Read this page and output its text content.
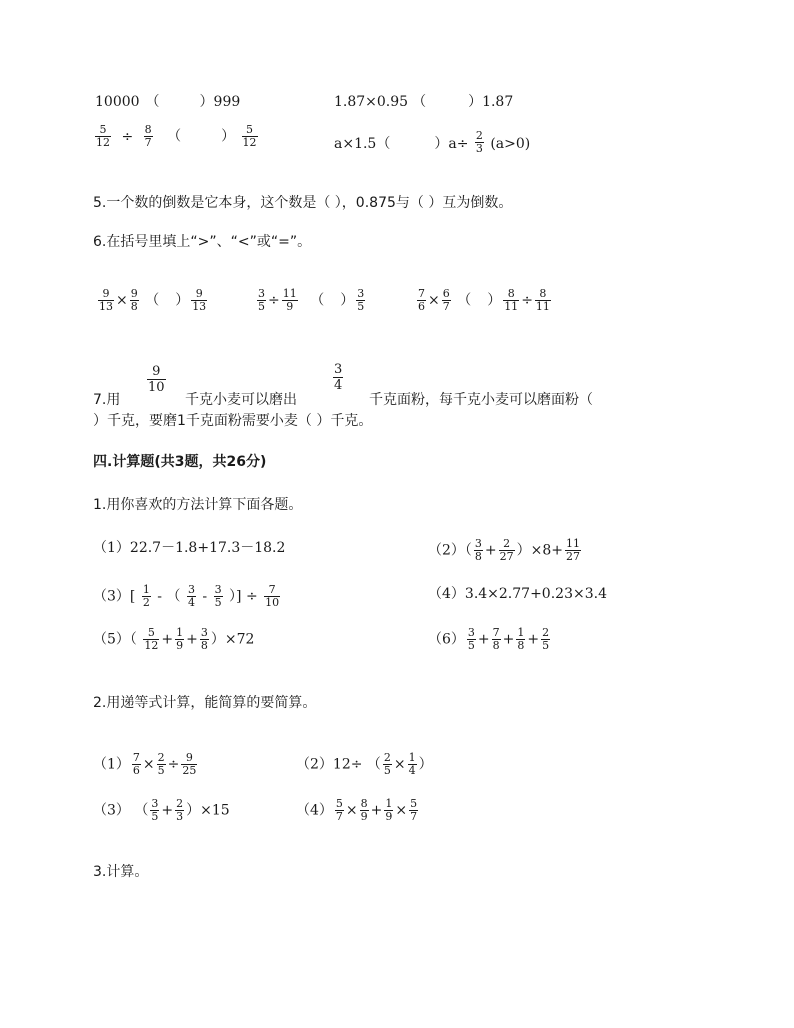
10000 （	）999	1.87×0.95 （	）1.87
$\frac{5}{12} \div \frac{8}{7}$ （	） $\frac{5}{12}$	a×1.5（	）$a\div \frac{2}{3} (a>0)$
5.一个数的倒数是它本身，这个数是（ ），0.875与（ ）互为倒数。
6.在括号里填上“>”、“<”或“=”。
$\frac{9}{13} \times \frac{9}{8}$ （ ） $\frac{9}{13}$	$\frac{3}{5} \div \frac{11}{9}$ （ ） $\frac{3}{5}$	$\frac{7}{6} \times \frac{6}{7}$ （ ） $\frac{8}{11} \div \frac{8}{11}$
$\frac{9}{10}$	$\frac{3}{4}$
7.用	千克小麦可以磨出	千克面粉，每千克小麦可以磨面粉（
）千克，要磨1千克面粉需要小麦（ ）千克。
四.计算题(共3题，共26分)
1.用你喜欢的方法计算下面各题。
（1）22.7－1.8+17.3－18.2	$(2)( \frac{3}{8} + \frac{2}{27} )\times 8+ \frac{11}{27}$
$(3)[ \frac{1}{2}$ - （ $\frac{3}{4} - \frac{3}{5}$ ）] ÷ $\frac{7}{10}$	（4）3.4×2.77+0.23×3.4
$(5)( \frac{5}{12} + \frac{1}{9} + \frac{3}{8} )\times 72$	$(6) \frac{3}{5} + \frac{7}{8} + \frac{1}{8} + \frac{2}{5}$
2.用递等式计算，能简算的要简算。
$(1) \frac{7}{6} \times \frac{2}{5} \div \frac{9}{25}$	（2）12÷ （ $\frac{2}{5} \times \frac{1}{4}$ ）
（3） （ $\frac{3}{5} + \frac{2}{3} )\times 15$	$(4) \frac{5}{7} \times \frac{8}{9} + \frac{1}{9} \times \frac{5}{7}$
3.计算。
